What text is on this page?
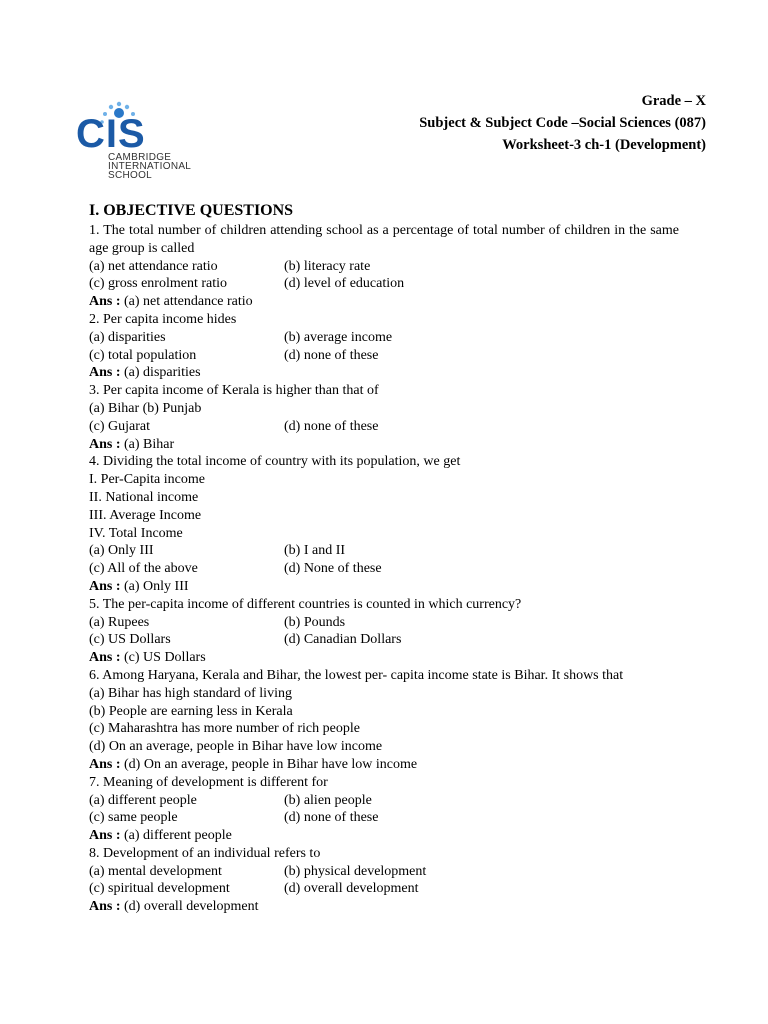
CIS
CAMBRIDGE
INTERNATIONAL
SCHOOL
Grade – X
Subject & Subject Code –Social Sciences (087)
Worksheet-3 ch-1 (Development)
I. OBJECTIVE QUESTIONS
1. The total number of children attending school as a percentage of total number of children in the same age group is called
(a) net attendance ratio	(b) literacy rate
(c) gross enrolment ratio	(d) level of education
Ans : (a) net attendance ratio
2. Per capita income hides
(a) disparities	(b) average income
(c) total population	(d) none of these
Ans : (a) disparities
3. Per capita income of Kerala is higher than that of
(a) Bihar (b) Punjab
(c) Gujarat	(d) none of these
Ans : (a) Bihar
4. Dividing the total income of country with its population, we get
I. Per-Capita income
II. National income
III. Average Income
IV. Total Income
(a) Only III	(b) I and II
(c) All of the above	(d) None of these
Ans : (a) Only III
5. The per-capita income of different countries is counted in which currency?
(a) Rupees	(b) Pounds
(c) US Dollars	(d) Canadian Dollars
Ans : (c) US Dollars
6. Among Haryana, Kerala and Bihar, the lowest per- capita income state is Bihar. It shows that
(a) Bihar has high standard of living
(b) People are earning less in Kerala
(c) Maharashtra has more number of rich people
(d) On an average, people in Bihar have low income
Ans : (d) On an average, people in Bihar have low income
7. Meaning of development is different for
(a) different people	(b) alien people
(c) same people	(d) none of these
Ans : (a) different people
8. Development of an individual refers to
(a) mental development	(b) physical development
(c) spiritual development	(d) overall development
Ans : (d) overall development
